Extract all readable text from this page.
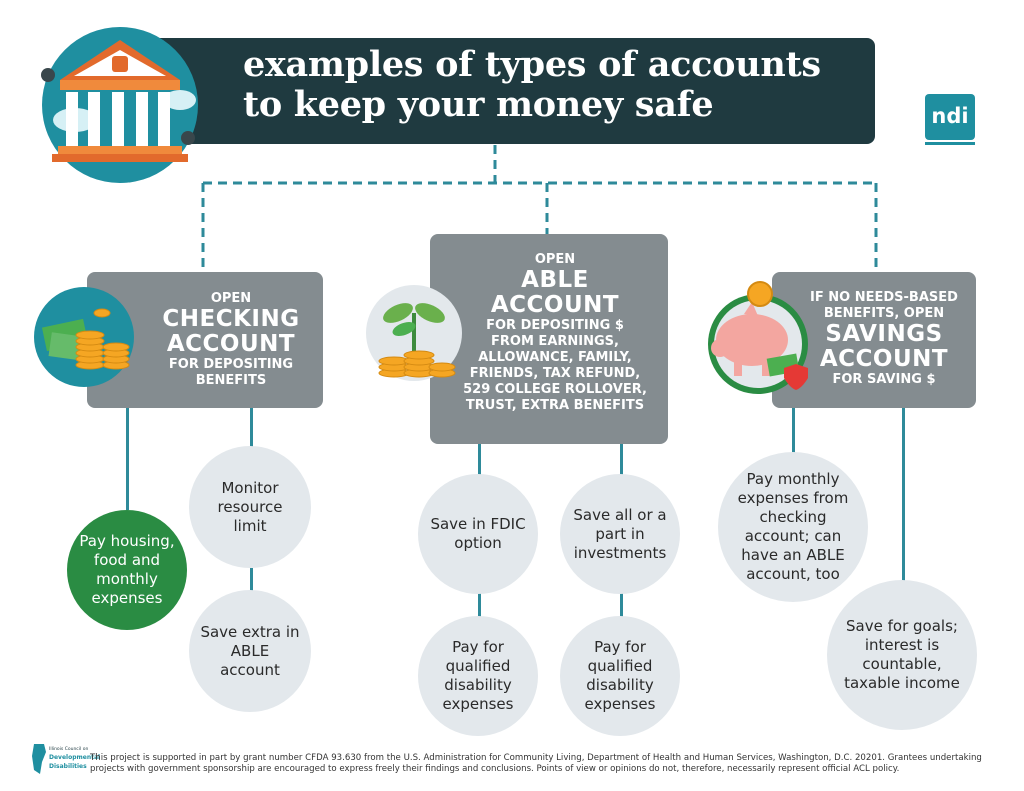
examples of types of accounts
to keep your money safe	ndi
OPEN
CHECKING
ACCOUNT
FOR DEPOSITING
BENEFITS
Pay housing, food and monthly expenses
Monitor resource limit
Save extra in ABLE account
OPEN
ABLE
ACCOUNT
FOR DEPOSITING $
FROM EARNINGS,
ALLOWANCE, FAMILY,
FRIENDS, TAX REFUND,
529 COLLEGE ROLLOVER,
TRUST, EXTRA BENEFITS
Save in FDIC option
Save all or a part in investments
Pay for qualified disability expenses
Pay for qualified disability expenses
IF NO NEEDS-BASED
BENEFITS, OPEN
SAVINGS
ACCOUNT
FOR SAVING $
Pay monthly expenses from checking account; can have an ABLE account, too
Save for goals; interest is countable, taxable income
Illinois Council on
Developmental
Disabilities
This project is supported in part by grant number CFDA 93.630 from the U.S. Administration for Community Living, Department of Health and Human Services, Washington, D.C. 20201. Grantees undertaking projects with government sponsorship are encouraged to express freely their findings and conclusions. Points of view or opinions do not, therefore, necessarily represent official ACL policy.
